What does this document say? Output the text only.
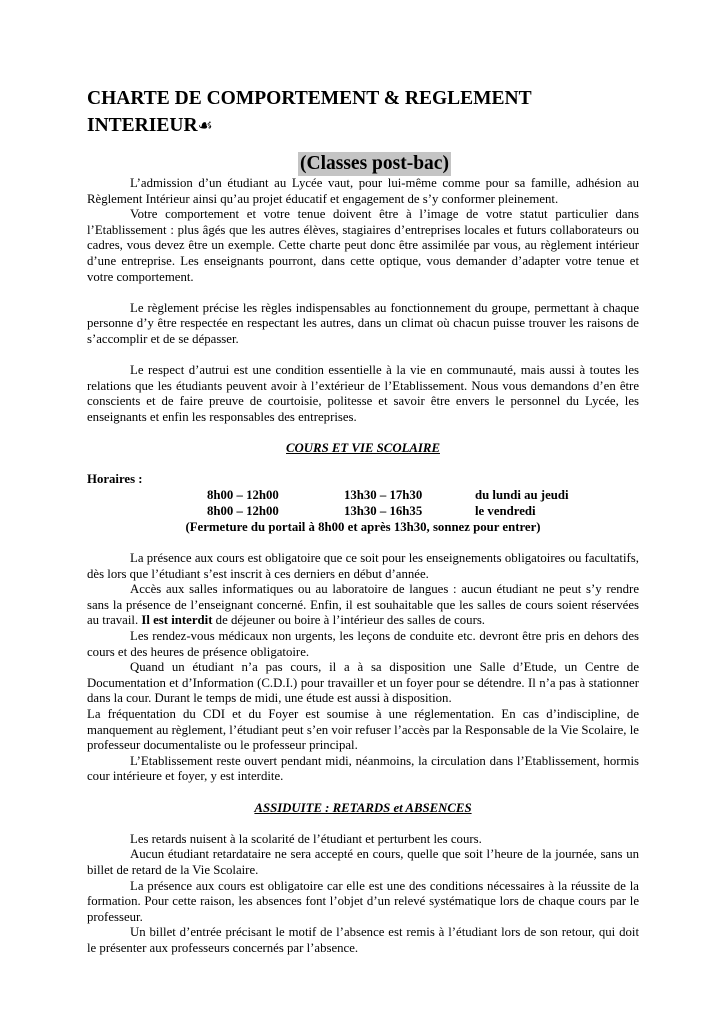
CHARTE DE COMPORTEMENT & REGLEMENT INTERIEUR☙
(Classes post-bac)

L’admission d’un étudiant au Lycée vaut, pour lui-même comme pour sa famille, adhésion au Règlement Intérieur ainsi qu’au projet éducatif et engagement de s’y conformer pleinement.

Votre comportement et votre tenue doivent être à l’image de votre statut particulier dans l’Etablissement : plus âgés que les autres élèves, stagiaires d’entreprises locales et futurs collaborateurs ou cadres, vous devez être un exemple. Cette charte peut donc être assimilée par vous, au règlement intérieur d’une entreprise. Les enseignants pourront, dans cette optique, vous demander d’adapter votre tenue et votre comportement.

Le règlement précise les règles indispensables au fonctionnement du groupe, permettant à chaque personne d’y être respectée en respectant les autres, dans un climat où chacun puisse trouver les raisons de s’accomplir et de se dépasser.

Le respect d’autrui est une condition essentielle à la vie en communauté, mais aussi à toutes les relations que les étudiants peuvent avoir à l’extérieur de l’Etablissement. Nous vous demandons d’en être conscients et de faire preuve de courtoisie, politesse et savoir être envers le personnel du Lycée, les enseignants et enfin les responsables des entreprises.

COURS ET VIE SCOLAIRE

Horaires :

8h00 – 12h00	13h30 – 17h30	du lundi au jeudi
8h00 – 12h00	13h30 – 16h35	le vendredi

(Fermeture du portail à 8h00 et après 13h30, sonnez pour entrer)

La présence aux cours est obligatoire que ce soit pour les enseignements obligatoires ou facultatifs, dès lors que l’étudiant s’est inscrit à ces derniers en début d’année.

Accès aux salles informatiques ou au laboratoire de langues : aucun étudiant ne peut s’y rendre sans la présence de l’enseignant concerné. Enfin, il est souhaitable que les salles de cours soient réservées au travail. Il est interdit de déjeuner ou boire à l’intérieur des salles de cours.

Les rendez-vous médicaux non urgents, les leçons de conduite etc. devront être pris en dehors des cours et des heures de présence obligatoire.

Quand un étudiant n’a pas cours, il a à sa disposition une Salle d’Etude, un Centre de Documentation et d’Information (C.D.I.) pour travailler et un foyer pour se détendre. Il n’a pas à stationner dans la cour. Durant le temps de midi, une étude est aussi à disposition.

La fréquentation du CDI et du Foyer est soumise à une réglementation. En cas d’indiscipline, de manquement au règlement, l’étudiant peut s’en voir refuser l’accès par la Responsable de la Vie Scolaire, le professeur documentaliste ou le professeur principal.

L’Etablissement reste ouvert pendant midi, néanmoins, la circulation dans l’Etablissement, hormis cour intérieure et foyer, y est interdite.

ASSIDUITE : RETARDS et ABSENCES

Les retards nuisent à la scolarité de l’étudiant et perturbent les cours.

Aucun étudiant retardataire ne sera accepté en cours, quelle que soit l’heure de la journée, sans un billet de retard de la Vie Scolaire.

La présence aux cours est obligatoire car elle est une des conditions nécessaires à la réussite de la formation. Pour cette raison, les absences font l’objet d’un relevé systématique lors de chaque cours par le professeur.

Un billet d’entrée précisant le motif de l’absence est remis à l’étudiant lors de son retour, qui doit le présenter aux professeurs concernés par l’absence.
